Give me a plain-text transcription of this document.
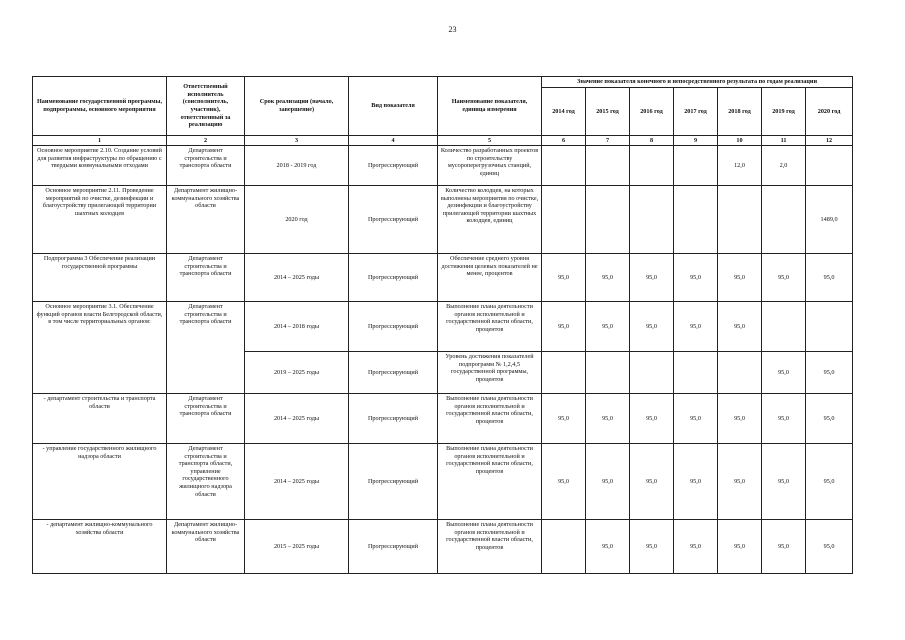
23
Наименование государственной программы, подпрограммы, основного мероприятия	Ответственный исполнитель (соисполнитель, участник), ответственный за реализацию	Срок реализации (начало, завершение)	Вид показателя	Наименование показателя, единица измерения	Значение показателя конечного и непосредственного результата по годам реализации						
					2014 год	2015 год	2016 год	2017 год	2018 год	2019 год	2020 год
1	2	3	4	5	6	7	8	9	10	11	12
Основное мероприятие 2.10. Создание условий для развития инфраструктуры по обращению с твердыми коммунальными отходами	Департамент строительства и транспорта области	2018 - 2019 год	Прогрессирующий	Количество разработанных проектов по строительству мусороперегрузочных станций, единиц					12,0	2,0	
Основное мероприятие 2.11. Проведение мероприятий по очистке, дезинфекции и благоустройству прилегающей территории шахтных колодцев	Департамент жилищно-коммунального хозяйства области	2020 год	Прогрессирующий	Количество колодцев, на которых выполнены мероприятия по очистке, дезинфекции и благоустройству прилегающей территории шахтных колодцев, единиц							1489,0
Подпрограмма 3 Обеспечение реализации государственной программы	Департамент строительства и транспорта области	2014 – 2025 годы	Прогрессирующий	Обеспечение среднего уровня достижения целевых показателей не менее, процентов	95,0	95,0	95,0	95,0	95,0	95,0	95,0
Основное мероприятие 3.1. Обеспечение функций органов власти Белгородской области, в том числе территориальных органов:	Департамент строительства и транспорта области	2014 – 2018 годы	Прогрессирующий	Выполнение плана деятельности органов исполнительной и государственной власти области, процентов	95,0	95,0	95,0	95,0	95,0		
		2019 – 2025 годы	Прогрессирующий	Уровень достижения показателей подпрограмм № 1,2,4,5 государственной программы, процентов						95,0	95,0
- департамент строительства и транспорта области	Департамент строительства и транспорта области	2014 – 2025 годы	Прогрессирующий	Выполнение плана деятельности органов исполнительной и государственной власти области, процентов	95,0	95,0	95,0	95,0	95,0	95,0	95,0
- управление государственного жилищного надзора области	Департамент строительства и транспорта области, управление государственного жилищного надзора области	2014 – 2025 годы	Прогрессирующий	Выполнение плана деятельности органов исполнительной и государственной власти области, процентов	95,0	95,0	95,0	95,0	95,0	95,0	95,0
- департамент жилищно-коммунального хозяйства области	Департамент жилищно-коммунального хозяйства области	2015 – 2025 годы	Прогрессирующий	Выполнение плана деятельности органов исполнительной и государственной власти области, процентов		95,0	95,0	95,0	95,0	95,0	95,0
